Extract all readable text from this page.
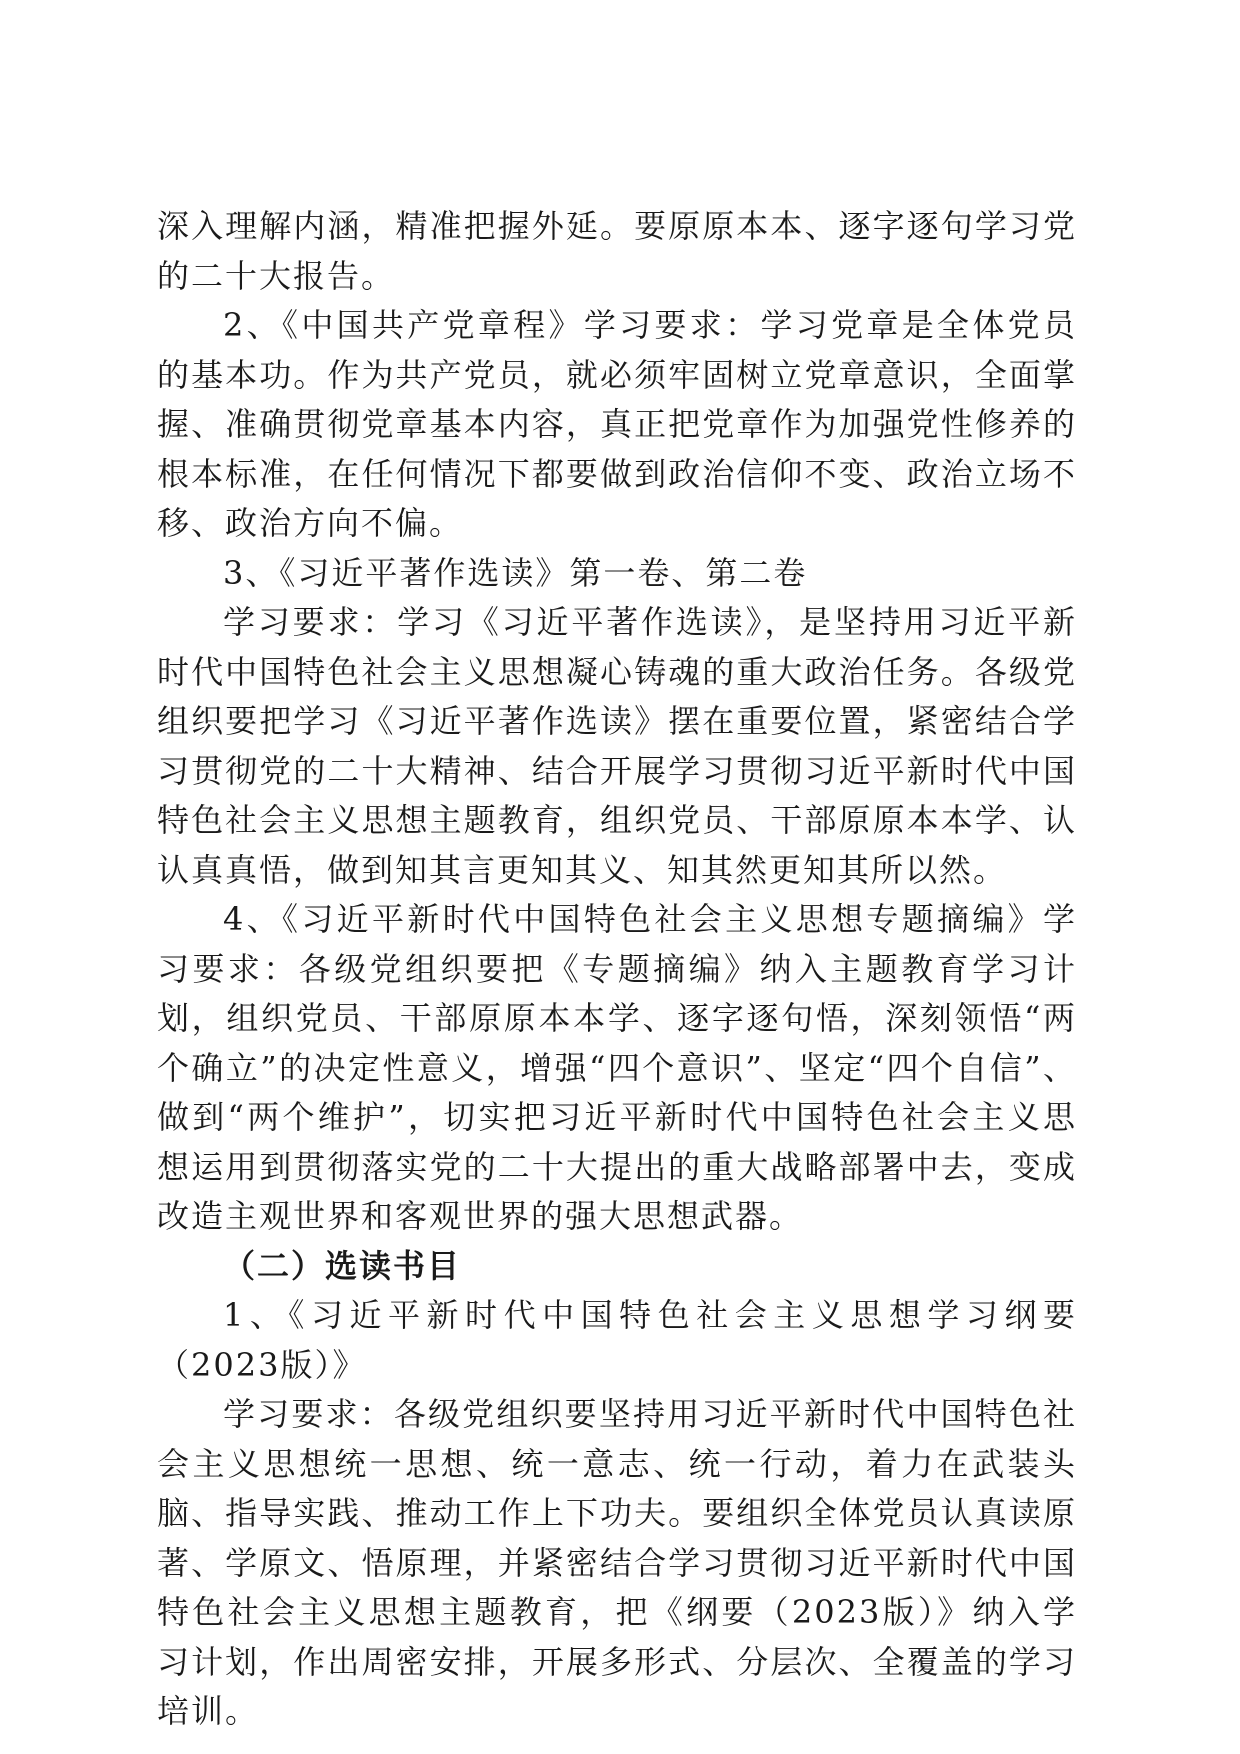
深入理解内涵，精准把握外延。要原原本本、逐字逐句学习党的二十大报告。

2、《中国共产党章程》学习要求：学习党章是全体党员的基本功。作为共产党员，就必须牢固树立党章意识，全面掌握、准确贯彻党章基本内容，真正把党章作为加强党性修养的根本标准，在任何情况下都要做到政治信仰不变、政治立场不移、政治方向不偏。

3、《习近平著作选读》第一卷、第二卷

学习要求：学习《习近平著作选读》，是坚持用习近平新时代中国特色社会主义思想凝心铸魂的重大政治任务。各级党组织要把学习《习近平著作选读》摆在重要位置，紧密结合学习贯彻党的二十大精神、结合开展学习贯彻习近平新时代中国特色社会主义思想主题教育，组织党员、干部原原本本学、认认真真悟，做到知其言更知其义、知其然更知其所以然。

4、《习近平新时代中国特色社会主义思想专题摘编》学习要求：各级党组织要把《专题摘编》纳入主题教育学习计划，组织党员、干部原原本本学、逐字逐句悟，深刻领悟“两个确立”的决定性意义，增强“四个意识”、坚定“四个自信”、做到“两个维护”，切实把习近平新时代中国特色社会主义思想运用到贯彻落实党的二十大提出的重大战略部署中去，变成改造主观世界和客观世界的强大思想武器。

（二）选读书目

1、《习近平新时代中国特色社会主义思想学习纲要（2023版）》

学习要求：各级党组织要坚持用习近平新时代中国特色社会主义思想统一思想、统一意志、统一行动，着力在武装头脑、指导实践、推动工作上下功夫。要组织全体党员认真读原著、学原文、悟原理，并紧密结合学习贯彻习近平新时代中国特色社会主义思想主题教育，把《纲要（2023版）》纳入学习计划，作出周密安排，开展多形式、分层次、全覆盖的学习培训。
